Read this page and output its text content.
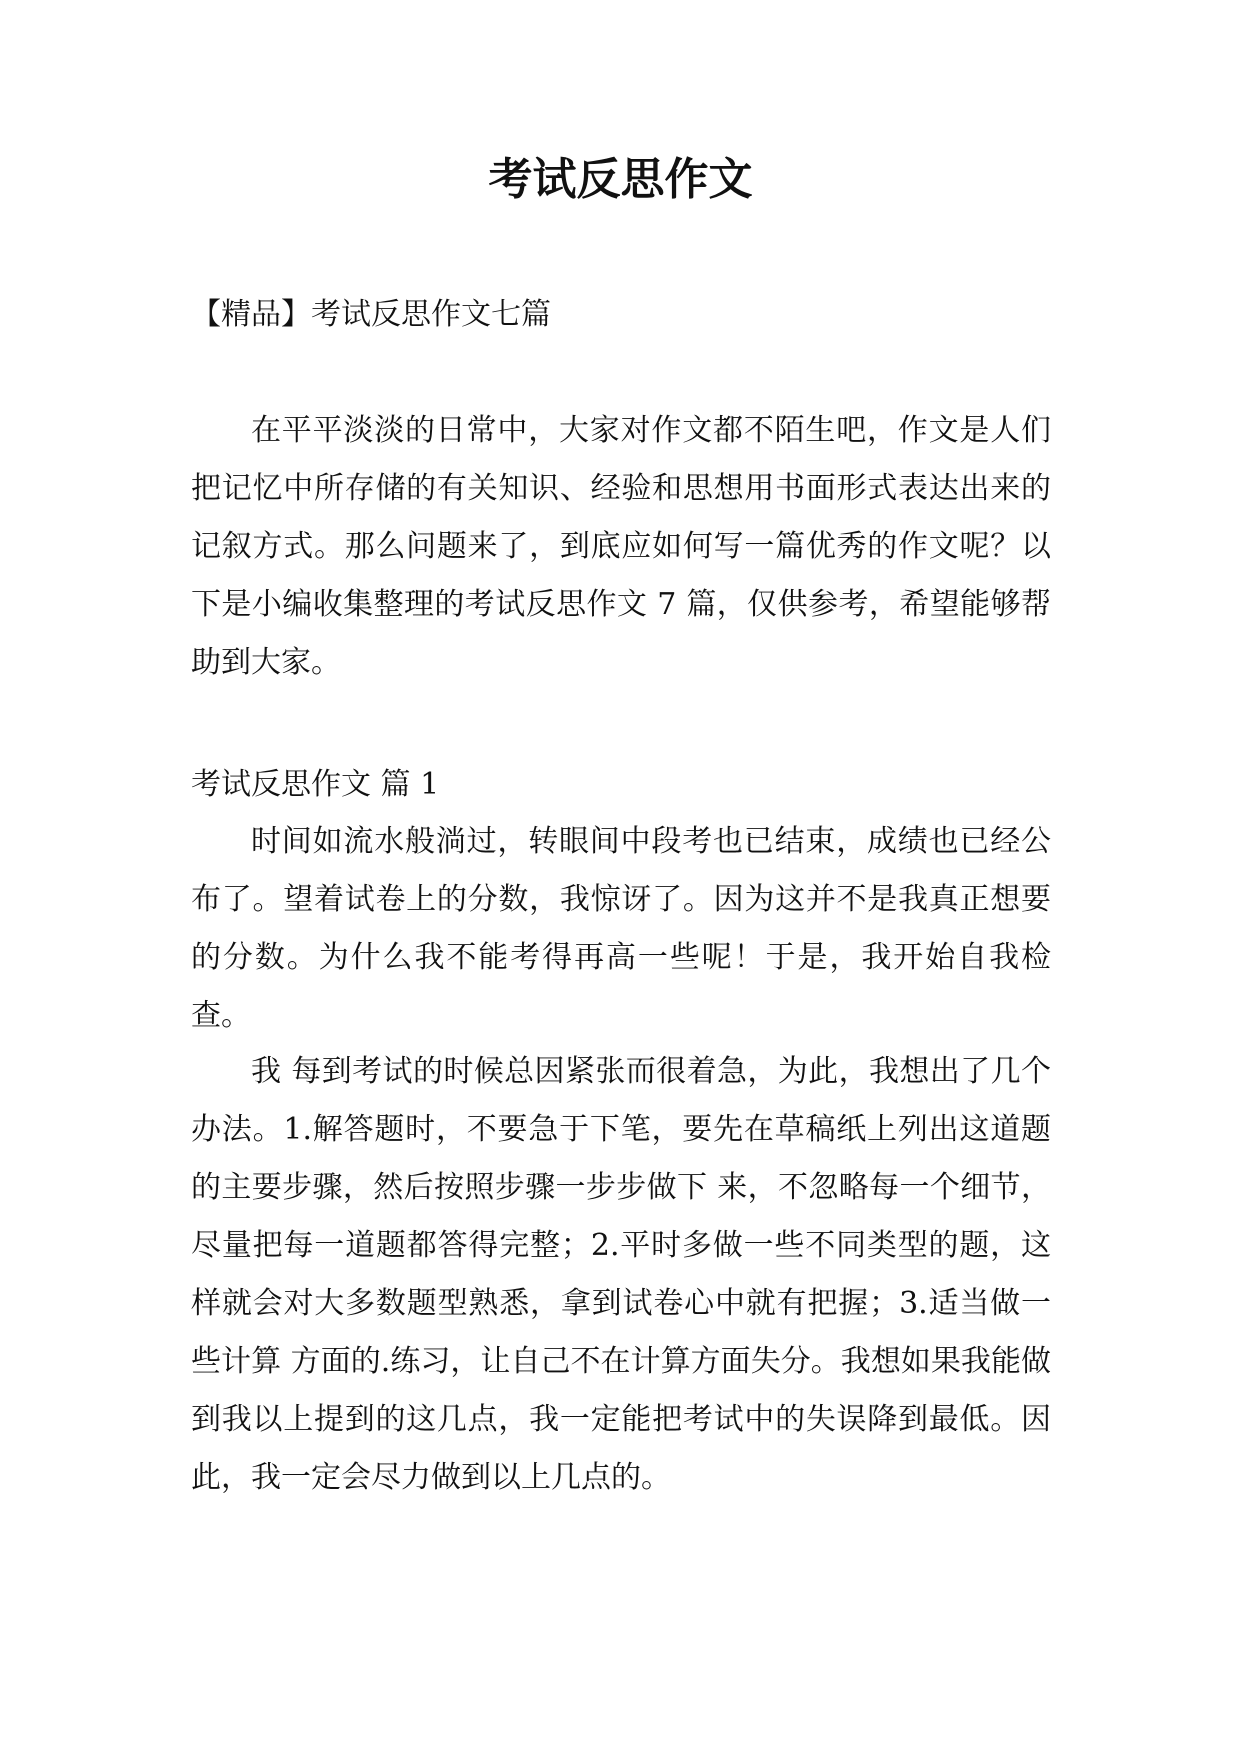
考试反思作文

【精品】考试反思作文七篇

在平平淡淡的日常中，大家对作文都不陌生吧，作文是人们把记忆中所存储的有关知识、经验和思想用书面形式表达出来的记叙方式。那么问题来了，到底应如何写一篇优秀的作文呢？以下是小编收集整理的考试反思作文 7 篇，仅供参考，希望能够帮助到大家。

考试反思作文 篇 1

时间如流水般淌过，转眼间中段考也已结束，成绩也已经公布了。望着试卷上的分数，我惊讶了。因为这并不是我真正想要的分数。为什么我不能考得再高一些呢！于是，我开始自我检查。

我 每到考试的时候总因紧张而很着急，为此，我想出了几个办法。1.解答题时，不要急于下笔，要先在草稿纸上列出这道题的主要步骤，然后按照步骤一步步做下 来，不忽略每一个细节，尽量把每一道题都答得完整；2.平时多做一些不同类型的题，这样就会对大多数题型熟悉，拿到试卷心中就有把握；3.适当做一些计算 方面的.练习，让自己不在计算方面失分。我想如果我能做到我以上提到的这几点，我一定能把考试中的失误降到最低。因此，我一定会尽力做到以上几点的。
